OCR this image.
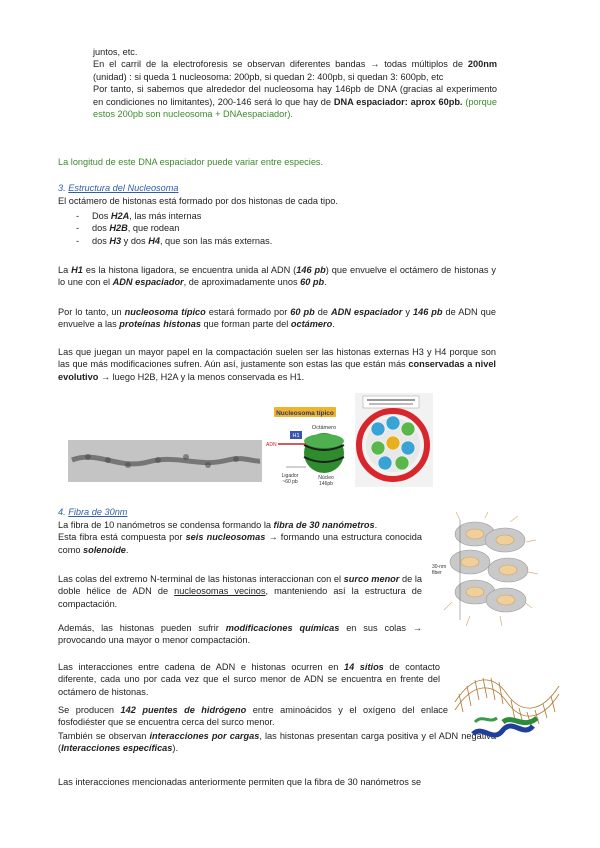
juntos, etc.
En el carril de la electroforesis se observan diferentes bandas → todas múltiplos de 200nm (unidad) : si queda 1 nucleosoma: 200pb, si quedan 2: 400pb, si quedan 3: 600pb, etc
Por tanto, si sabemos que alrededor del nucleosoma hay 146pb de DNA (gracias al experimento en condiciones no limitantes), 200-146 será lo que hay de DNA espaciador: aprox 60pb. (porque estos 200pb son nucleosoma + DNAespaciador).
La longitud de este DNA espaciador puede variar entre especies.
3. Estructura del Nucleosoma
El octámero de histonas está formado por dos histonas de cada tipo.
- Dos H2A, las más internas
- dos H2B, que rodean
- dos H3 y dos H4, que son las más externas.
La H1 es la histona ligadora, se encuentra unida al ADN (146 pb) que envuelve el octámero de histonas y lo une con el ADN espaciador, de aproximadamente unos 60 pb.
Por lo tanto, un nucleosoma típico estará formado por 60 pb de ADN espaciador y 146 pb de ADN que envuelve a las proteínas histonas que forman parte del octámero.
Las que juegan un mayor papel en la compactación suelen ser las histonas externas H3 y H4 porque son las que más modificaciones sufren. Aún así, justamente son estas las que están más conservadas a nivel evolutivo → luego H2B, H2A y la menos conservada es H1.
Nucleosoma típico
Octámero
H1
ADN
Ligador
~60 pb
Núcleo
146pb
4. Fibra de 30nm
La fibra de 10 nanómetros se condensa formando la fibra de 30 nanómetros.
Esta fibra está compuesta por seis nucleosomas → formando una estructura conocida como solenoide.
Las colas del extremo N-terminal de las histonas interaccionan con el surco menor de la doble hélice de ADN de nucleosomas vecinos, manteniendo así la estructura de compactación.
Además, las histonas pueden sufrir modificaciones químicas en sus colas → provocando una mayor o menor compactación.
Las interacciones entre cadena de ADN e histonas ocurren en 14 sitios de contacto diferente, cada uno por cada vez que el surco menor de ADN se encuentra en frente del octámero de histonas.
Se producen 142 puentes de hidrógeno entre aminoácidos y el oxígeno del enlace fosfodiéster que se encuentra cerca del surco menor.
También se observan interacciones por cargas, las histonas presentan carga positiva y el ADN negativa (Interacciones específicas).
Las interacciones mencionadas anteriormente permiten que la fibra de 30 nanómetros se
30-nm
fiber
